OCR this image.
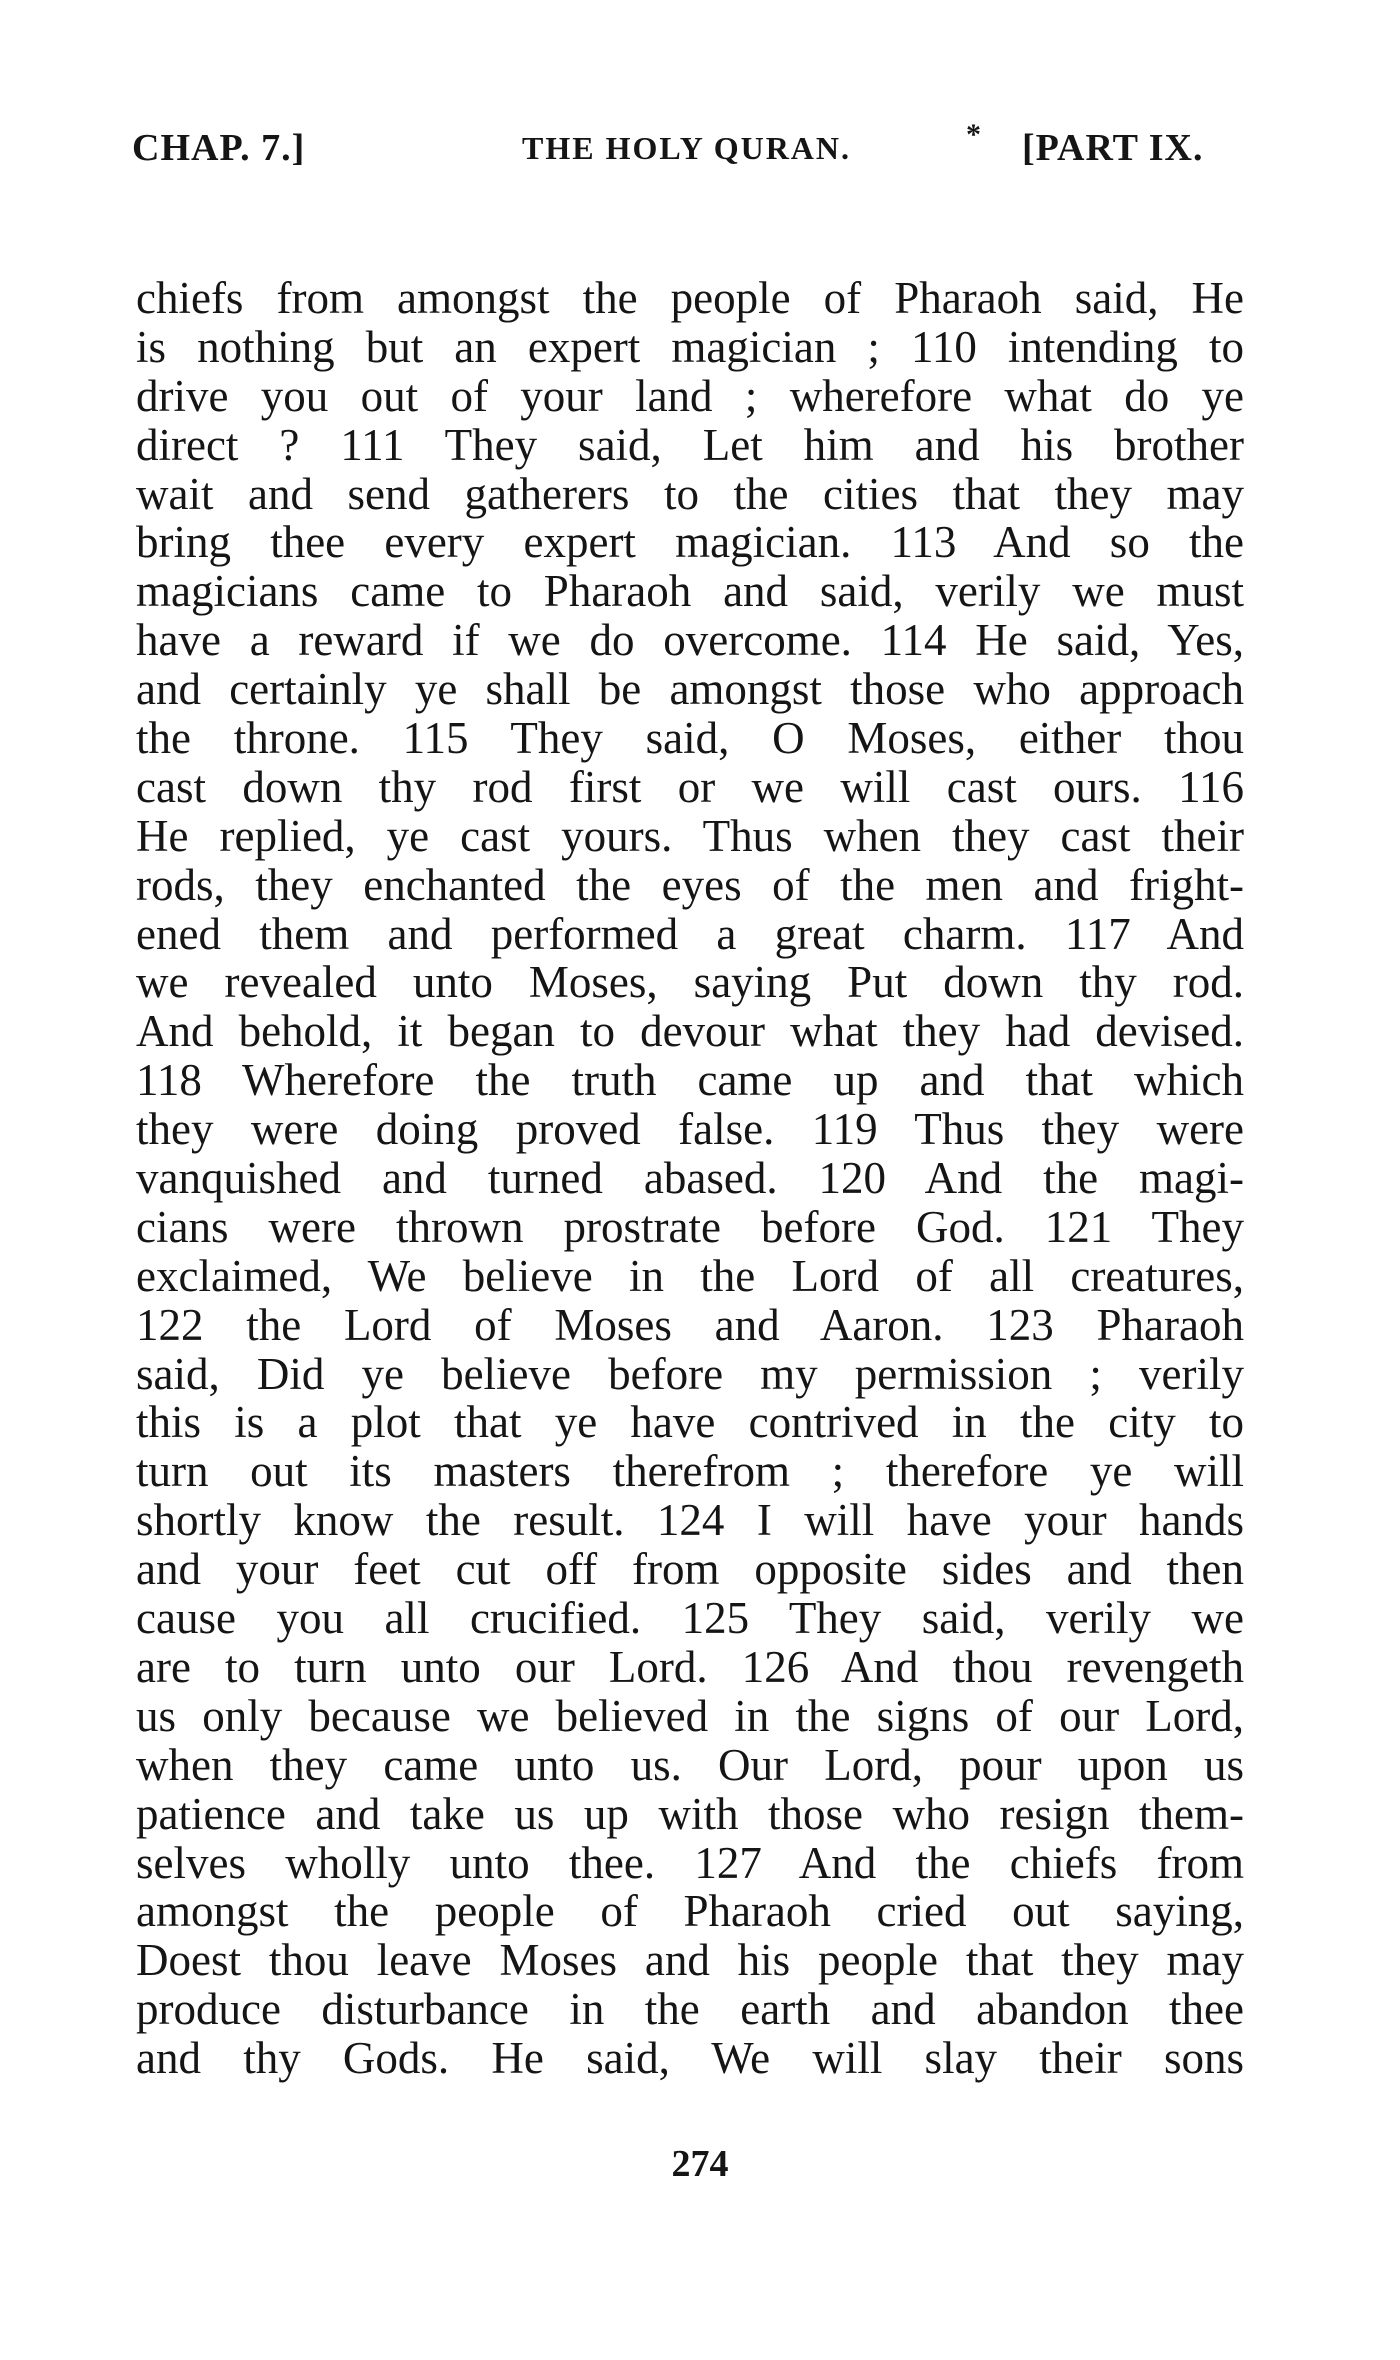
CHAP. 7.]	THE HOLY QURAN.	* [PART IX.
chiefs from amongst the people of Pharaoh said, He
is nothing but an expert magician ; 110 intending to
drive you out of your land ; wherefore what do ye
direct ? 111 They said, Let him and his brother
wait and send gatherers to the cities that they may
bring thee every expert magician. 113 And so the
magicians came to Pharaoh and said, verily we must
have a reward if we do overcome. 114 He said, Yes,
and certainly ye shall be amongst those who approach
the throne. 115 They said, O Moses, either thou
cast down thy rod first or we will cast ours. 116
He replied, ye cast yours. Thus when they cast their
rods, they enchanted the eyes of the men and fright-
ened them and performed a great charm. 117 And
we revealed unto Moses, saying Put down thy rod.
And behold, it began to devour what they had devised.
118 Wherefore the truth came up and that which
they were doing proved false. 119 Thus they were
vanquished and turned abased. 120 And the magi-
cians were thrown prostrate before God. 121 They
exclaimed, We believe in the Lord of all creatures,
122 the Lord of Moses and Aaron. 123 Pharaoh
said, Did ye believe before my permission ; verily
this is a plot that ye have contrived in the city to
turn out its masters therefrom ; therefore ye will
shortly know the result. 124 I will have your hands
and your feet cut off from opposite sides and then
cause you all crucified. 125 They said, verily we
are to turn unto our Lord. 126 And thou revengeth
us only because we believed in the signs of our Lord,
when they came unto us. Our Lord, pour upon us
patience and take us up with those who resign them-
selves wholly unto thee. 127 And the chiefs from
amongst the people of Pharaoh cried out saying,
Doest thou leave Moses and his people that they may
produce disturbance in the earth and abandon thee
and thy Gods. He said, We will slay their sons
274
